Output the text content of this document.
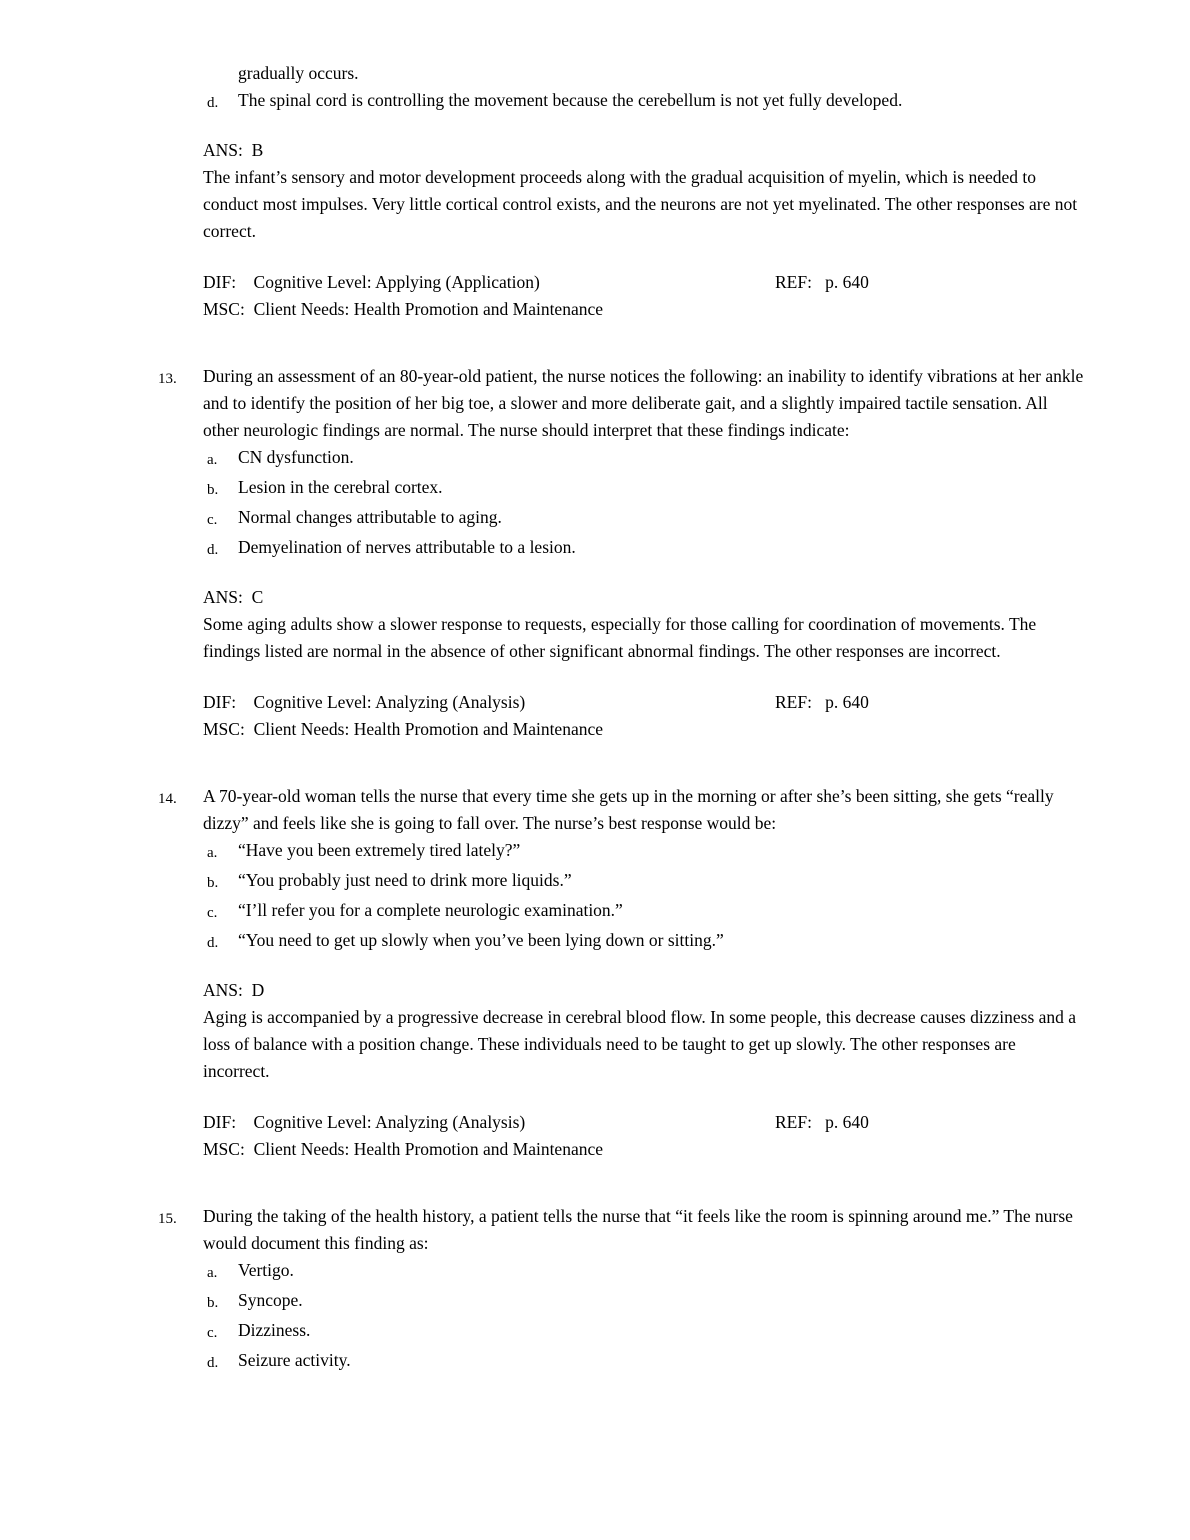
gradually occurs.
d.	The spinal cord is controlling the movement because the cerebellum is not yet fully developed.
ANS:  B
The infant’s sensory and motor development proceeds along with the gradual acquisition of myelin, which is needed to conduct most impulses. Very little cortical control exists, and the neurons are not yet myelinated. The other responses are not correct.
DIF:    Cognitive Level: Applying (Application)	REF:   p. 640
MSC:  Client Needs: Health Promotion and Maintenance
13.	During an assessment of an 80-year-old patient, the nurse notices the following: an inability to identify vibrations at her ankle and to identify the position of her big toe, a slower and more deliberate gait, and a slightly impaired tactile sensation. All other neurologic findings are normal. The nurse should interpret that these findings indicate:
a.	CN dysfunction.
b.	Lesion in the cerebral cortex.
c.	Normal changes attributable to aging.
d.	Demyelination of nerves attributable to a lesion.
ANS:  C
Some aging adults show a slower response to requests, especially for those calling for coordination of movements. The findings listed are normal in the absence of other significant abnormal findings. The other responses are incorrect.
DIF:    Cognitive Level: Analyzing (Analysis)	REF:   p. 640
MSC:  Client Needs: Health Promotion and Maintenance
14.	A 70-year-old woman tells the nurse that every time she gets up in the morning or after she’s been sitting, she gets “really dizzy” and feels like she is going to fall over. The nurse’s best response would be:
a.	“Have you been extremely tired lately?”
b.	“You probably just need to drink more liquids.”
c.	“I’ll refer you for a complete neurologic examination.”
d.	“You need to get up slowly when you’ve been lying down or sitting.”
ANS:  D
Aging is accompanied by a progressive decrease in cerebral blood flow. In some people, this decrease causes dizziness and a loss of balance with a position change. These individuals need to be taught to get up slowly. The other responses are incorrect.
DIF:    Cognitive Level: Analyzing (Analysis)	REF:   p. 640
MSC:  Client Needs: Health Promotion and Maintenance
15.	During the taking of the health history, a patient tells the nurse that “it feels like the room is spinning around me.” The nurse would document this finding as:
a.	Vertigo.
b.	Syncope.
c.	Dizziness.
d.	Seizure activity.
